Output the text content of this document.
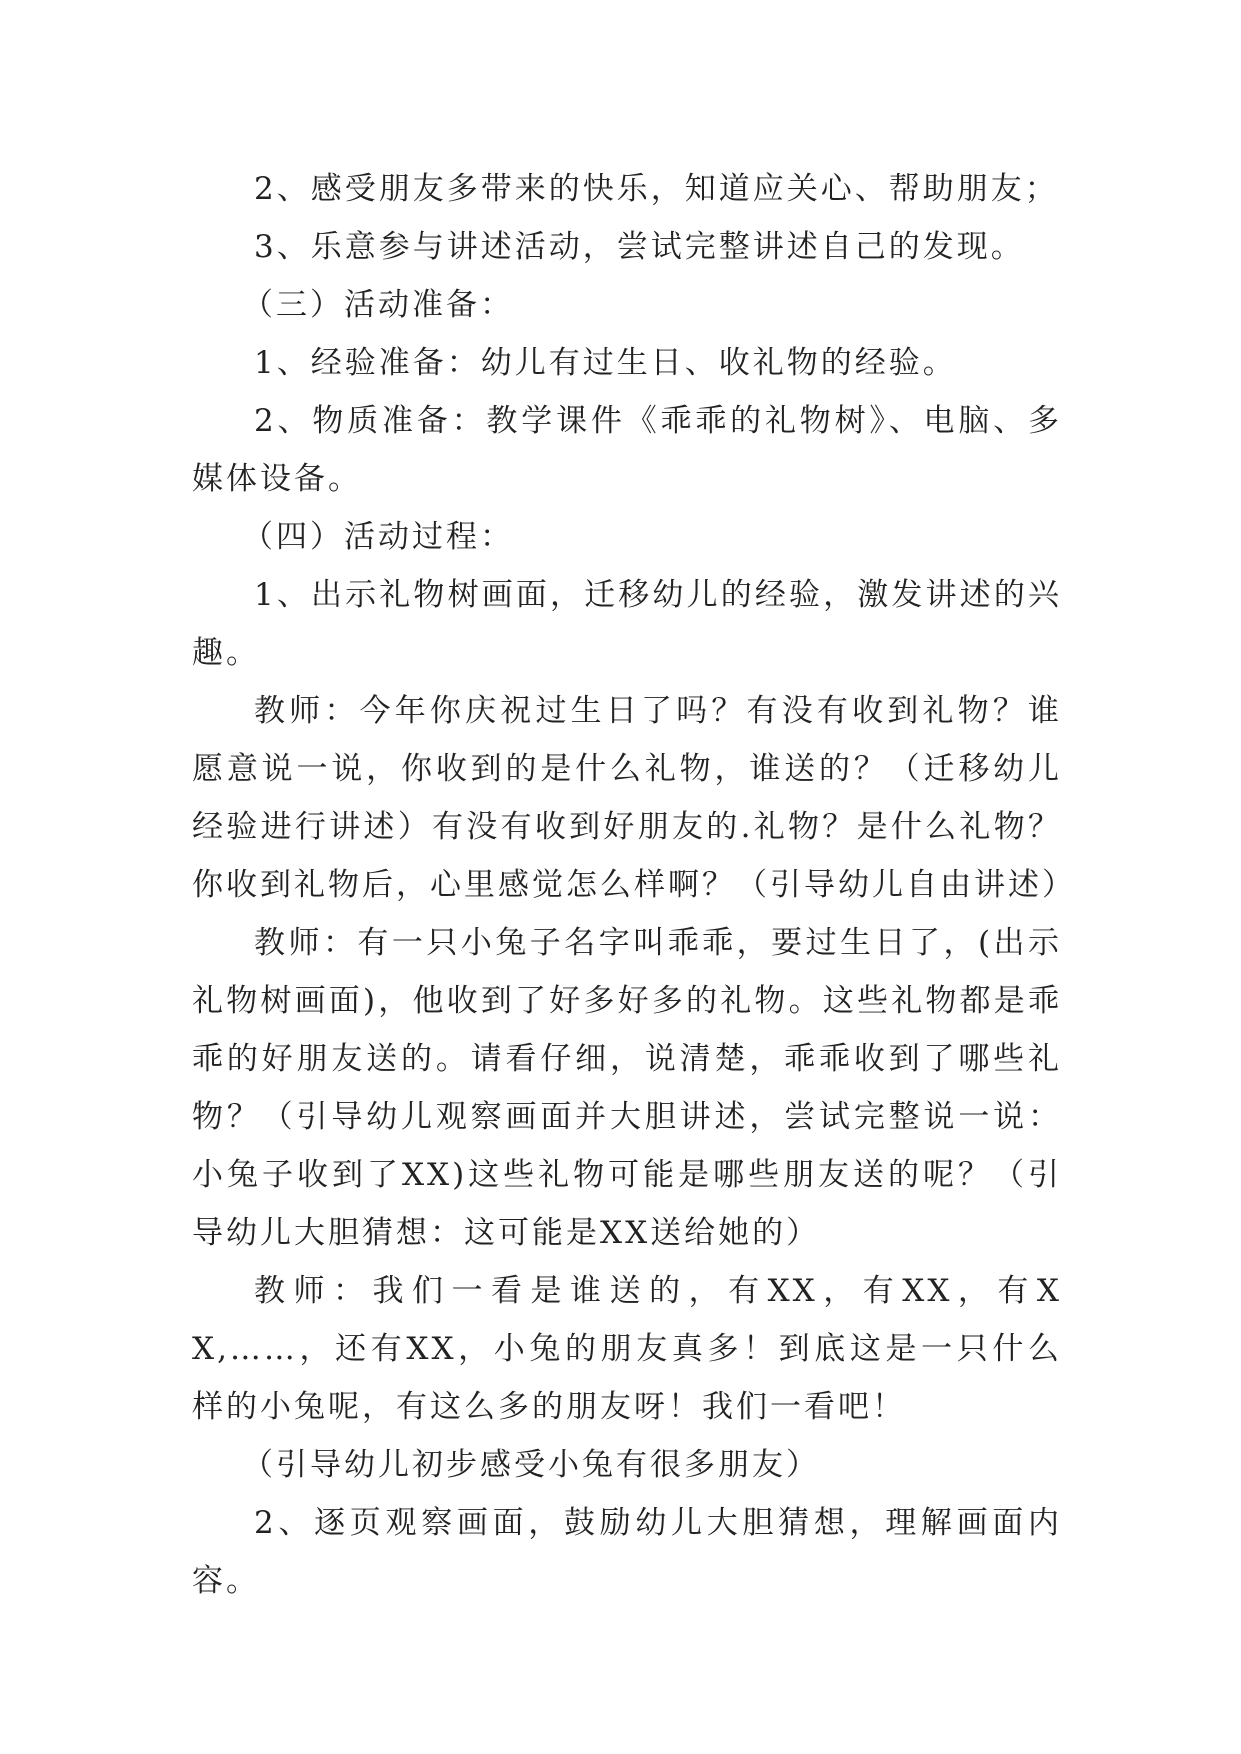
2、感受朋友多带来的快乐，知道应关心、帮助朋友；

3、乐意参与讲述活动，尝试完整讲述自己的发现。

（三）活动准备：

1、经验准备：幼儿有过生日、收礼物的经验。

2、物质准备：教学课件《乖乖的礼物树》、电脑、多媒体设备。

（四）活动过程：

1、出示礼物树画面，迁移幼儿的经验，激发讲述的兴趣。

教师：今年你庆祝过生日了吗？有没有收到礼物？谁愿意说一说，你收到的是什么礼物，谁送的？（迁移幼儿经验进行讲述）有没有收到好朋友的.礼物？是什么礼物？你收到礼物后，心里感觉怎么样啊？（引导幼儿自由讲述）

教师：有一只小兔子名字叫乖乖，要过生日了，(出示礼物树画面)，他收到了好多好多的礼物。这些礼物都是乖乖的好朋友送的。请看仔细，说清楚，乖乖收到了哪些礼物？（引导幼儿观察画面并大胆讲述，尝试完整说一说：小兔子收到了XX)这些礼物可能是哪些朋友送的呢？（引导幼儿大胆猜想：这可能是XX送给她的）

教师：我们一看是谁送的，有XX，有XX，有XX,……，还有XX，小兔的朋友真多！到底这是一只什么样的小兔呢，有这么多的朋友呀！我们一看吧！

（引导幼儿初步感受小兔有很多朋友）

2、逐页观察画面，鼓励幼儿大胆猜想，理解画面内容。
